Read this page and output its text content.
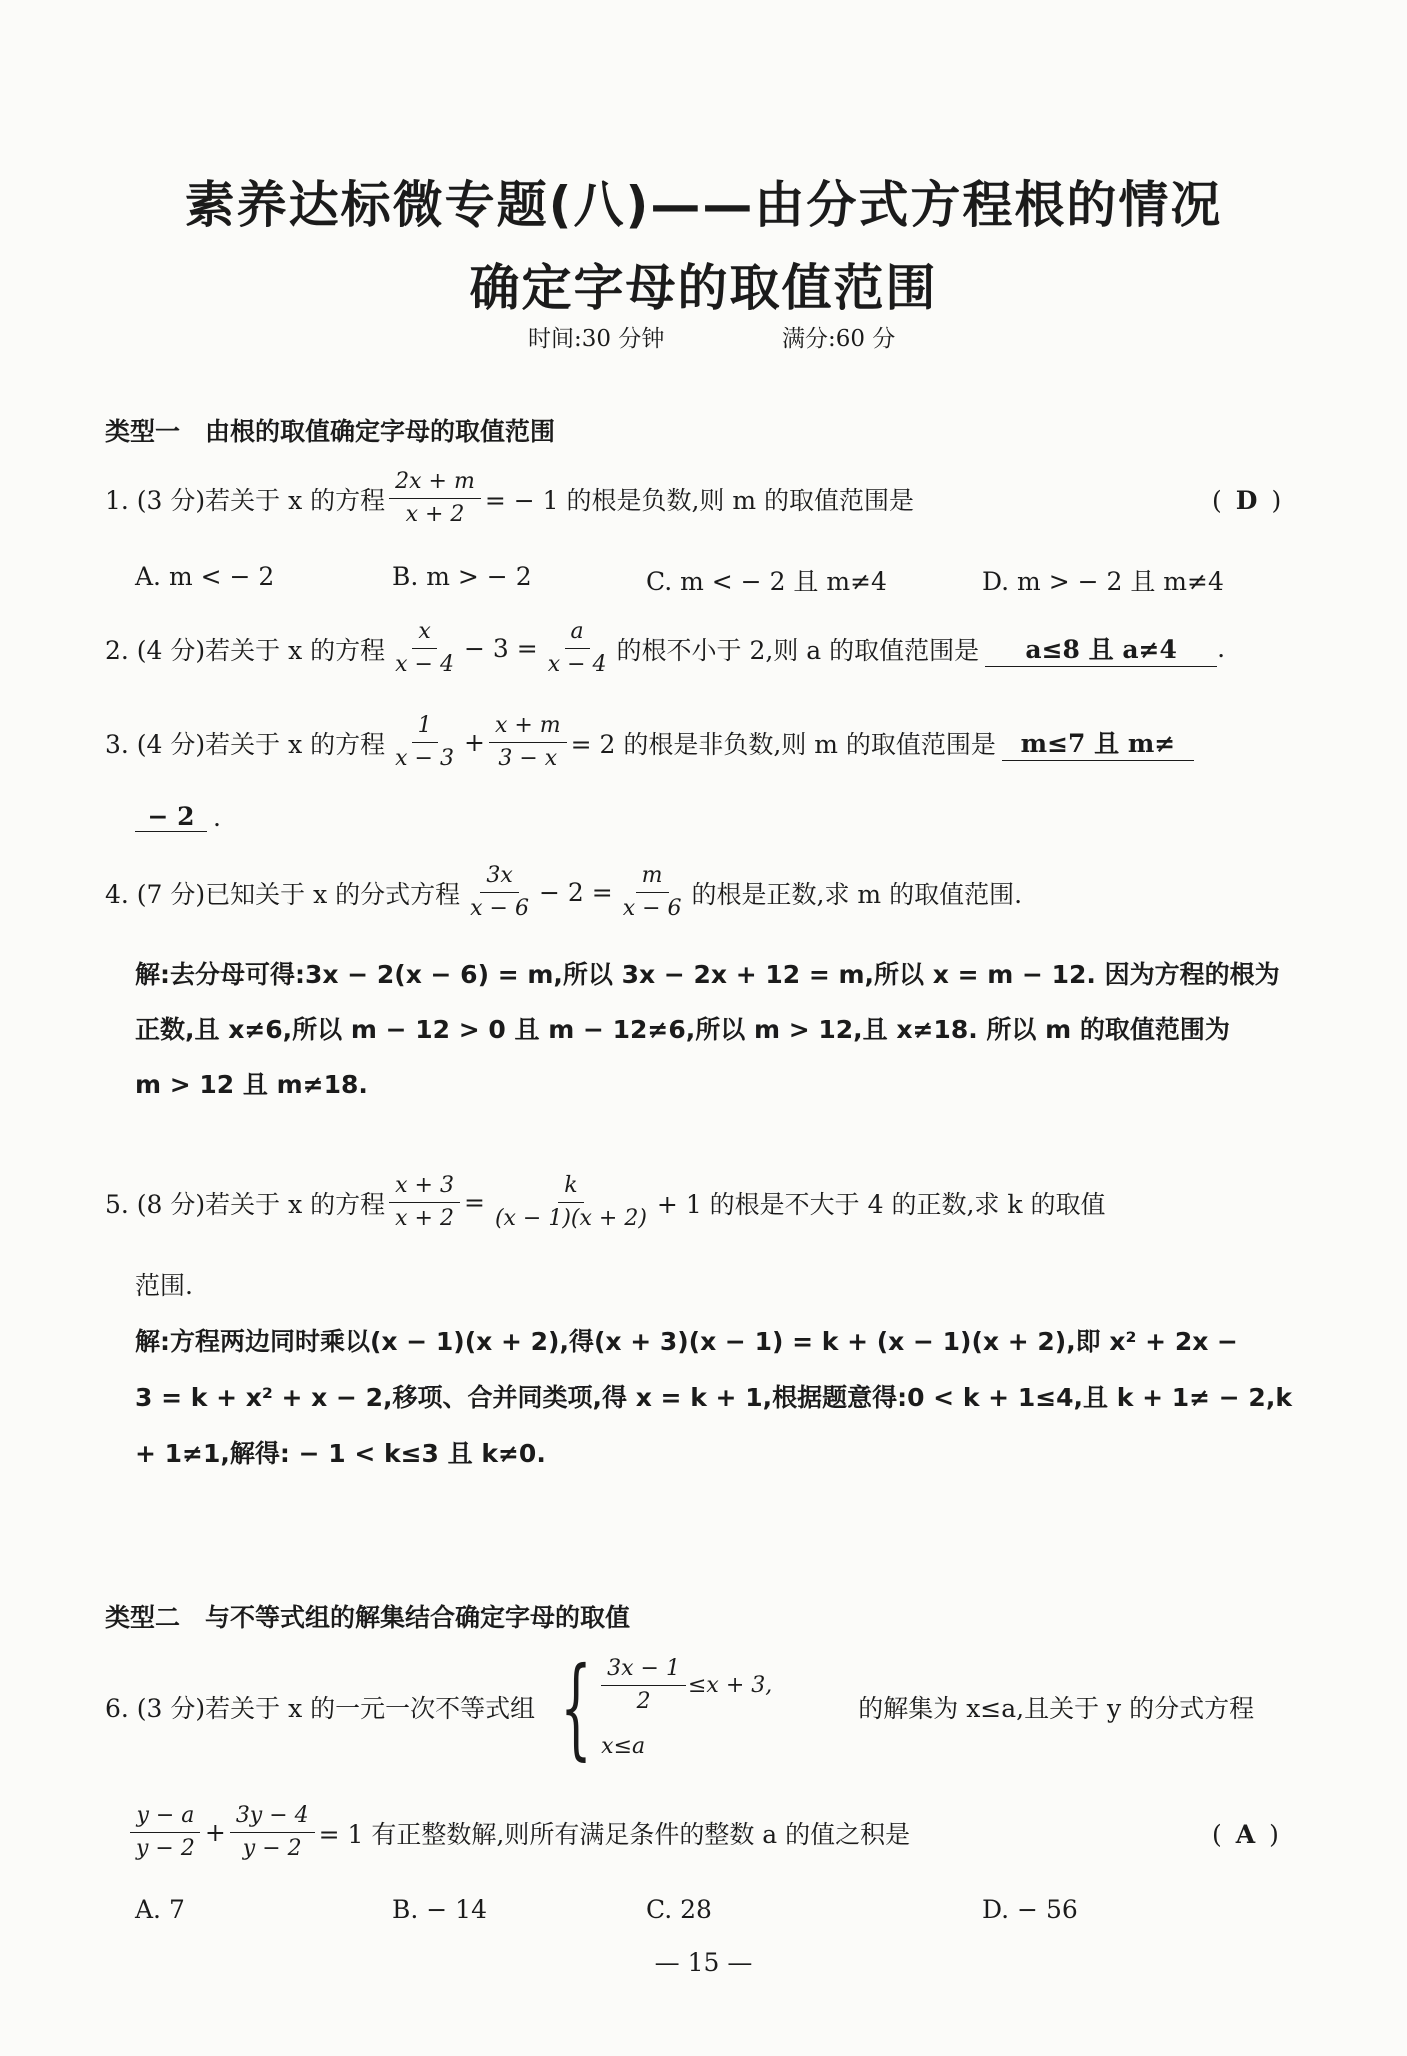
素养达标微专题(八)——由分式方程根的情况
确定字母的取值范围
时间:30 分钟	满分:60 分
类型一　由根的取值确定字母的取值范围
1. (3 分)若关于 x 的方程 $\frac{2x + m}{x + 2}$ = − 1 的根是负数,则 m 的取值范围是	( D )
A. m < − 2	B. m > − 2	C. m < − 2 且 m≠4	D. m > − 2 且 m≠4
2. (4 分)若关于 x 的方程 $\frac{x}{x - 4} - 3 = \frac{a}{x - 4}$ 的根不小于 2,则 a 的取值范围是	a≤8 且 a≠4	.
3. (4 分)若关于 x 的方程 $\frac{1}{x - 3} + \frac{x + m}{3 - x} = 2$ 的根是非负数,则 m 的取值范围是 m≤7 且 m≠
− 2 .
4. (7 分)已知关于 x 的分式方程 $\frac{3x}{x - 6} - 2 = \frac{m}{x - 6}$ 的根是正数,求 m 的取值范围.
解:去分母可得:3x − 2(x − 6) = m,所以 3x − 2x + 12 = m,所以 x = m − 12. 因为方程的根为
正数,且 x≠6,所以 m − 12 > 0 且 m − 12≠6,所以 m > 12,且 x≠18. 所以 m 的取值范围为
m > 12 且 m≠18.
5. (8 分)若关于 x 的方程 $\frac{x + 3}{x + 2} = \frac{k}{(x - 1)(x + 2)} + 1$ 的根是不大于 4 的正数,求 k 的取值
范围.
解:方程两边同时乘以(x − 1)(x + 2),得(x + 3)(x − 1) = k + (x − 1)(x + 2),即 x² + 2x −
3 = k + x² + x − 2,移项、合并同类项,得 x = k + 1,根据题意得:0 < k + 1≤4,且 k + 1≠ − 2,k
+ 1≠1,解得: − 1 < k≤3 且 k≠0.
类型二　与不等式组的解集结合确定字母的取值
6. (3 分)若关于 x 的一元一次不等式组 { $\frac{3x - 1}{2} \le x + 3$,
x≤a
的解集为 x≤a,且关于 y 的分式方程
$\frac{y - a}{y - 2} + \frac{3y - 4}{y - 2} = 1$ 有正整数解,则所有满足条件的整数 a 的值之积是	( A )
A. 7	B. − 14	C. 28	D. − 56
— 15 —
